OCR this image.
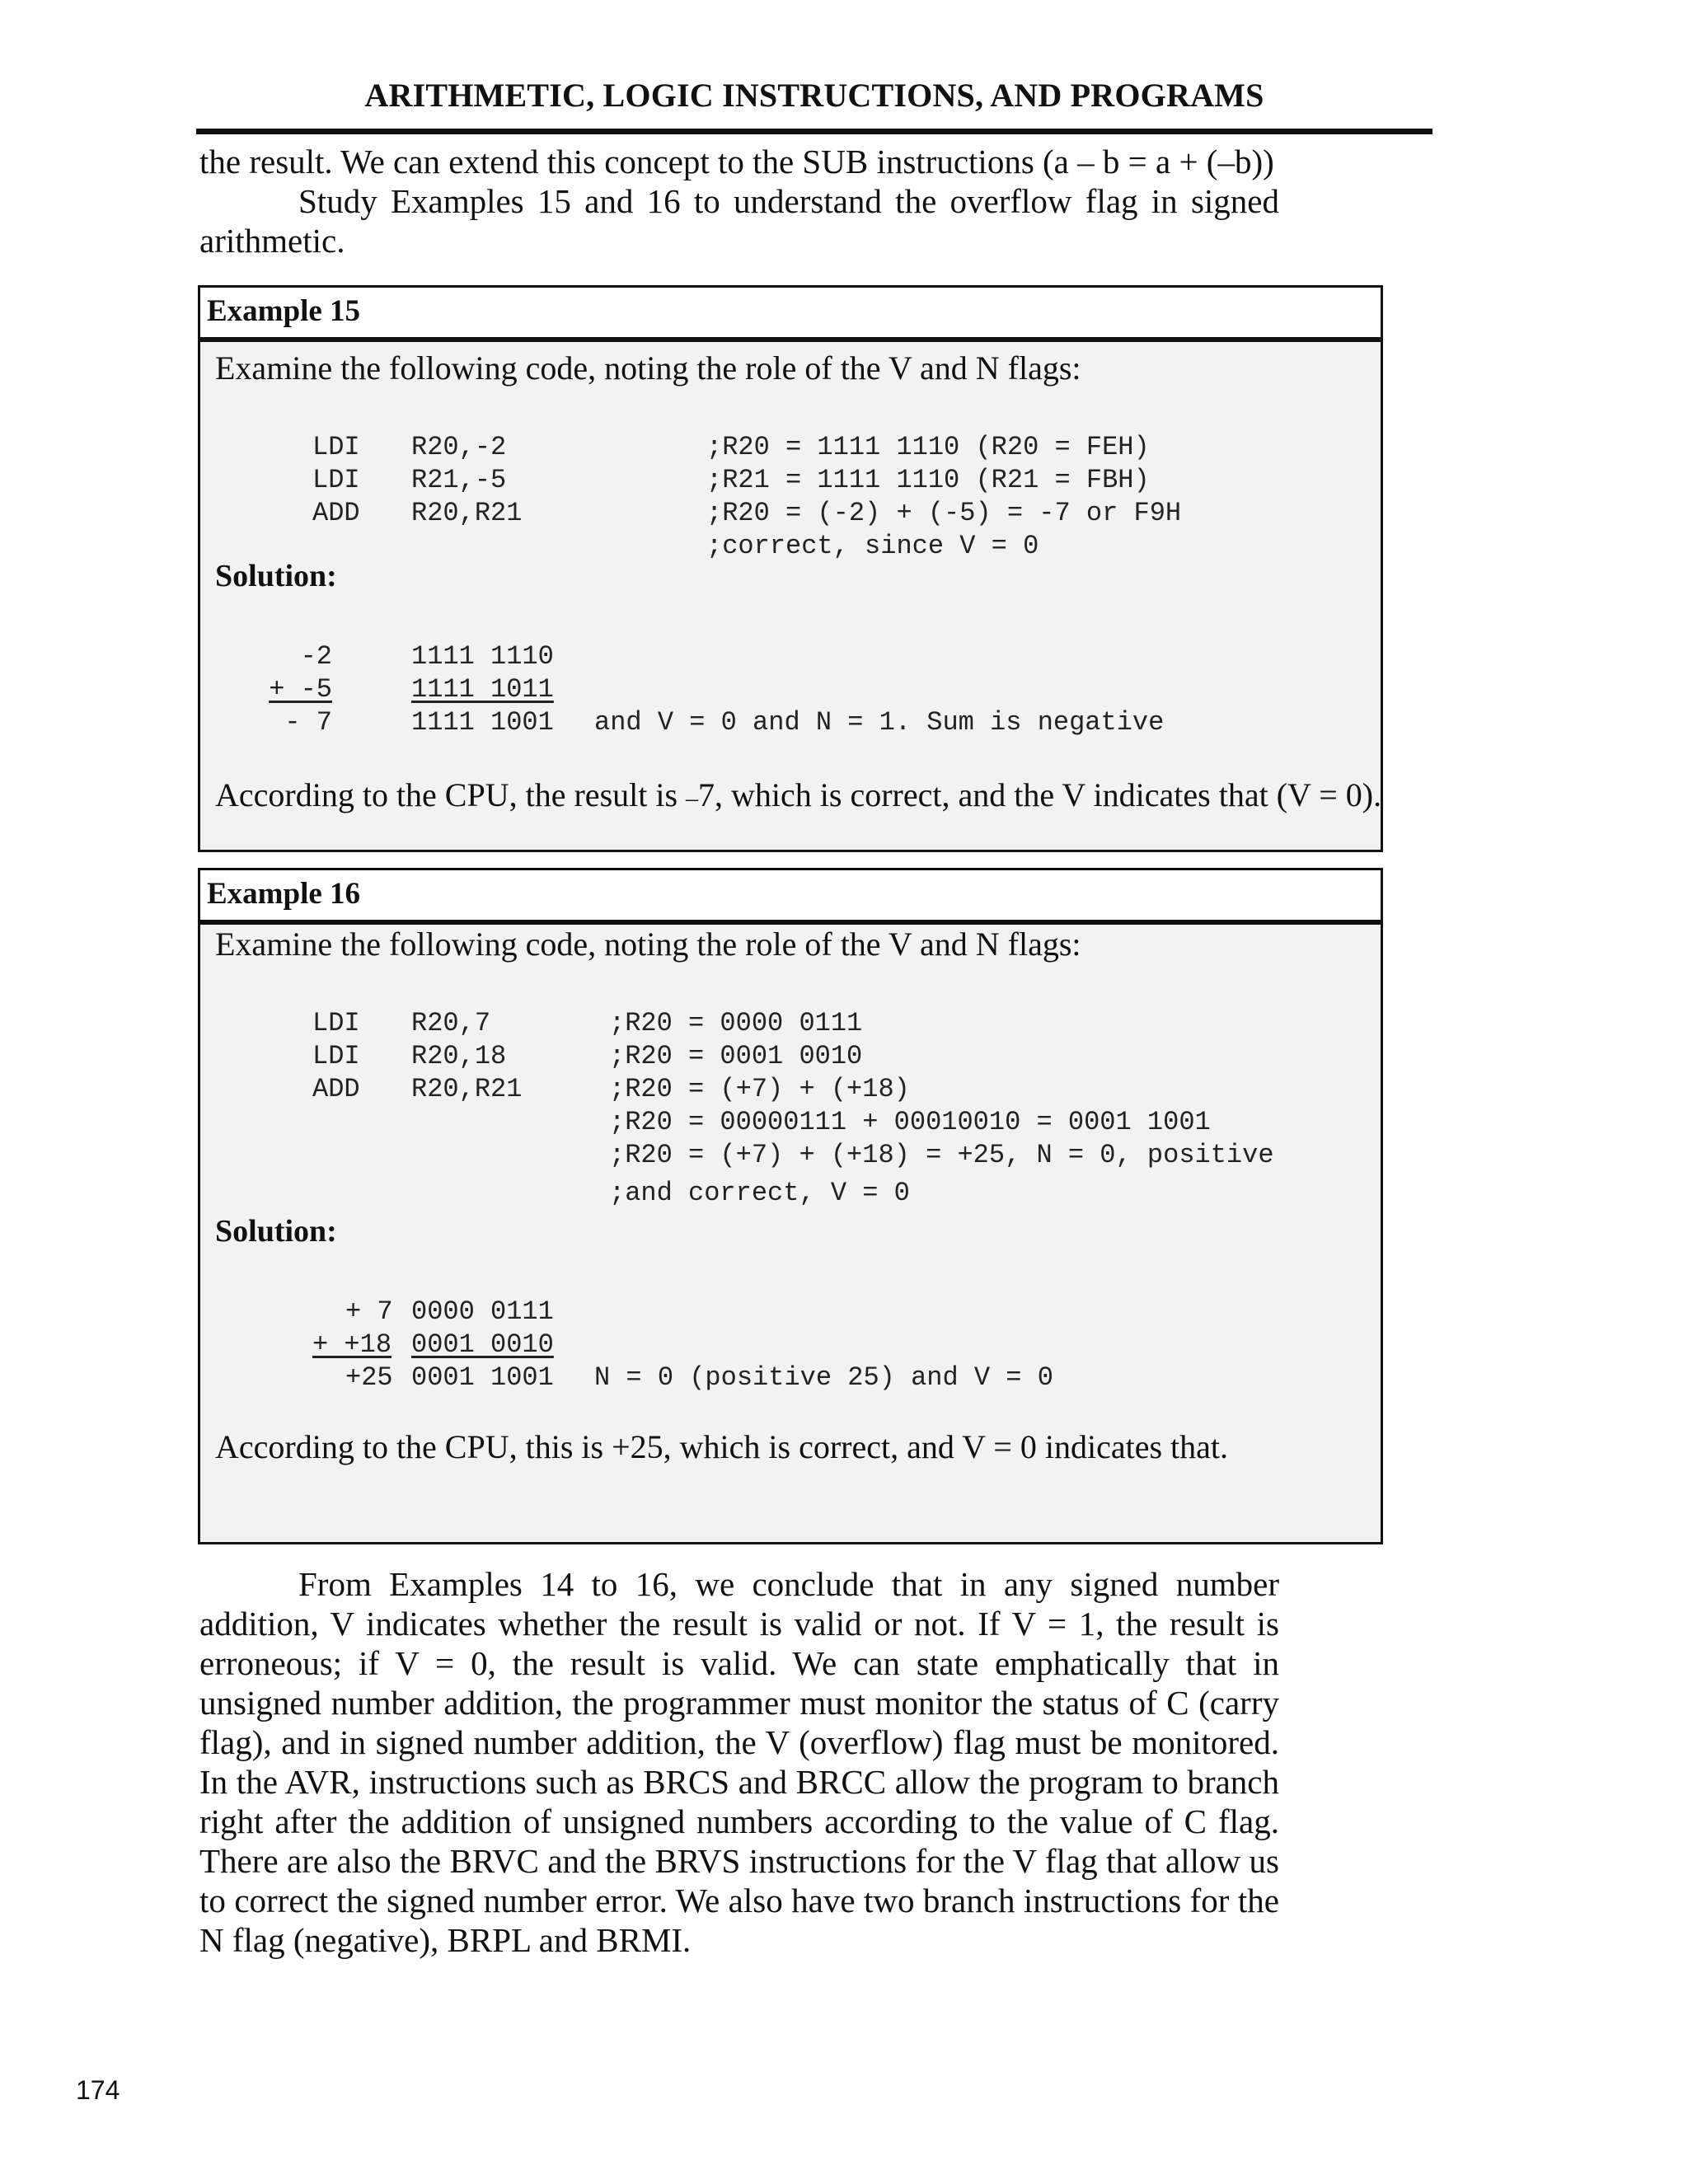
ARITHMETIC, LOGIC INSTRUCTIONS, AND PROGRAMS

the result. We can extend this concept to the SUB instructions (a – b = a + (–b))

Study Examples 15 and 16 to understand the overflow flag in signed arithmetic.

Example 15
Examine the following code, noting the role of the V and N flags:
LDI
LDI
ADD
R20,-2
R21,-5
R20,R21
;R20 = 1111 1110 (R20 = FEH)
;R21 = 1111 1110 (R21 = FBH)
;R20 = (-2) + (-5) = -7 or F9H
;correct, since V = 0
Solution:
-2
+ -5
- 7
1111 1110
1111 1011
1111 1001 and V = 0 and N = 1. Sum is negative
According to the CPU, the result is –7, which is correct, and the V indicates that (V = 0).
Example 16
Examine the following code, noting the role of the V and N flags:
LDI
LDI
ADD
R20,7
R20,18
R20,R21
;R20 = 0000 0111
;R20 = 0001 0010
;R20 = (+7) + (+18)
;R20 = 00000111 + 00010010 = 0001 1001
;R20 = (+7) + (+18) = +25, N = 0, positive
;and correct, V = 0
Solution:
+ 7
+ +18
+25
0000 0111
0001 0010
0001 1001 N = 0 (positive 25) and V = 0
According to the CPU, this is +25, which is correct, and V = 0 indicates that.

From Examples 14 to 16, we conclude that in any signed number addition, V indicates whether the result is valid or not. If V = 1, the result is erroneous; if V = 0, the result is valid. We can state emphatically that in unsigned number addition, the programmer must monitor the status of C (carry flag), and in signed number addition, the V (overflow) flag must be monitored. In the AVR, instructions such as BRCS and BRCC allow the program to branch right after the addition of unsigned numbers according to the value of C flag. There are also the BRVC and the BRVS instructions for the V flag that allow us to correct the signed number error. We also have two branch instructions for the N flag (negative), BRPL and BRMI.

174
